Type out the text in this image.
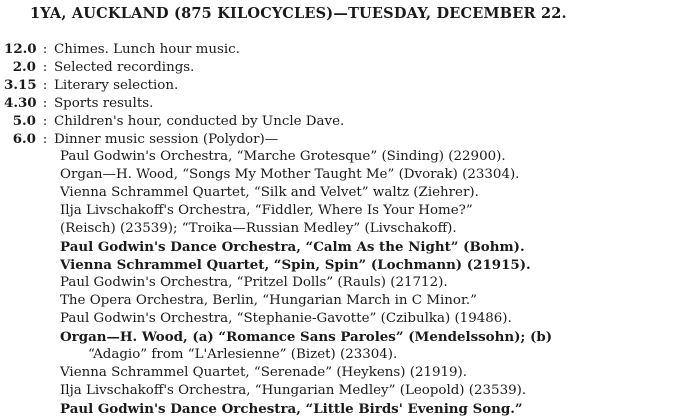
1YA, AUCKLAND (875 KILOCYCLES)—TUESDAY, DECEMBER 22.
12.0 : Chimes. Lunch hour music.
2.0 : Selected recordings.
3.15 : Literary selection.
4.30 : Sports results.
5.0 : Children's hour, conducted by Uncle Dave.
6.0 : Dinner music session (Polydor)—
Paul Godwin's Orchestra, “Marche Grotesque” (Sinding) (22900).
Organ—H. Wood, “Songs My Mother Taught Me” (Dvorak) (23304).
Vienna Schrammel Quartet, “Silk and Velvet” waltz (Ziehrer).
Ilja Livschakoff's Orchestra, “Fiddler, Where Is Your Home?”
(Reisch) (23539); “Troika—Russian Medley” (Livschakoff).
Paul Godwin's Dance Orchestra, “Calm As the Night” (Bohm).
Vienna Schrammel Quartet, “Spin, Spin” (Lochmann) (21915).
Paul Godwin's Orchestra, “Pritzel Dolls” (Rauls) (21712).
The Opera Orchestra, Berlin, “Hungarian March in C Minor.”
Paul Godwin's Orchestra, “Stephanie-Gavotte” (Czibulka) (19486).
Organ—H. Wood, (a) “Romance Sans Paroles” (Mendelssohn); (b)
“Adagio” from “L'Arlesienne” (Bizet) (23304).
Vienna Schrammel Quartet, “Serenade” (Heykens) (21919).
Ilja Livschakoff's Orchestra, “Hungarian Medley” (Leopold) (23539).
Paul Godwin's Dance Orchestra, “Little Birds' Evening Song.”
